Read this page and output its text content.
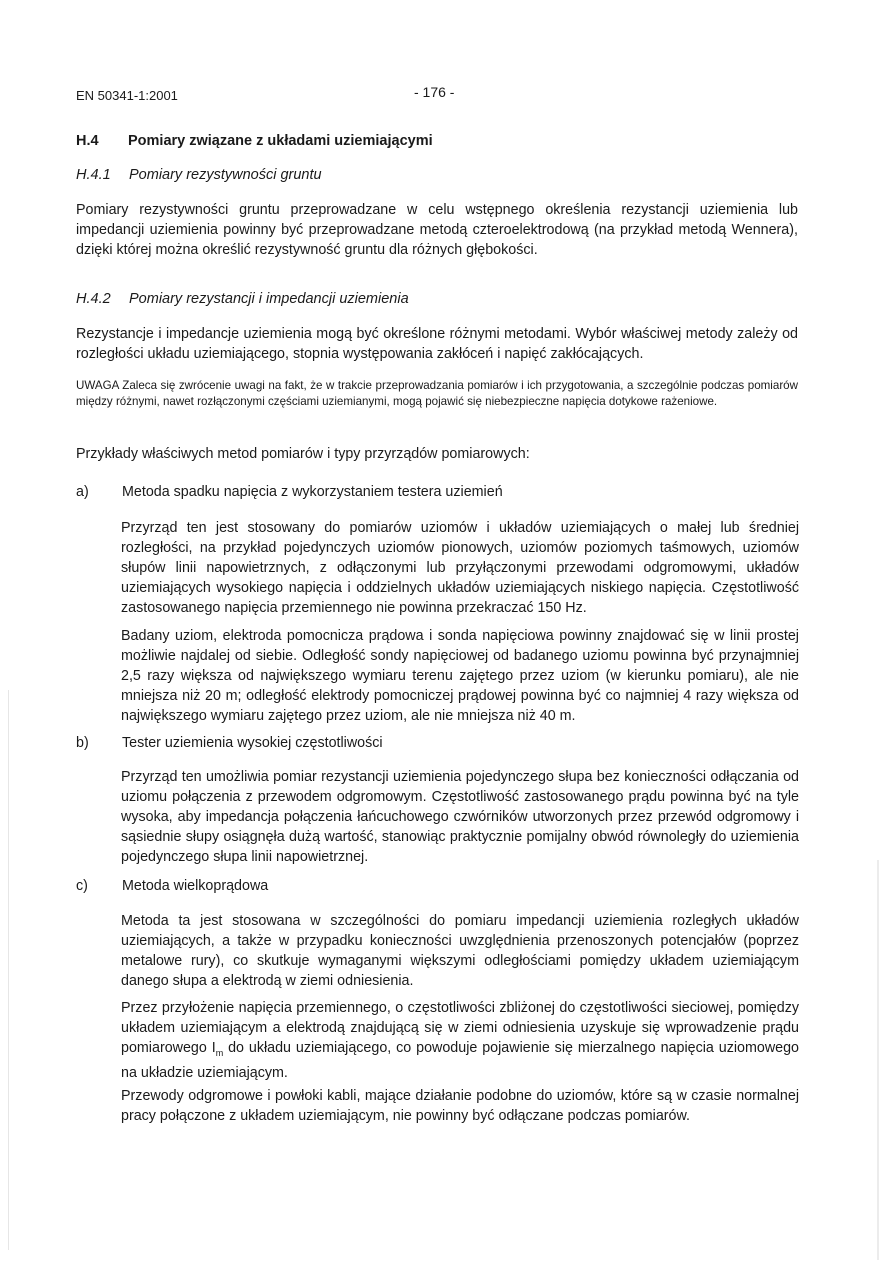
EN 50341-1:2001	- 176 -
H.4 Pomiary związane z układami uziemiającymi
H.4.1 Pomiary rezystywności gruntu
Pomiary rezystywności gruntu przeprowadzane w celu wstępnego określenia rezystancji uziemienia lub impedancji uziemienia powinny być przeprowadzane metodą czteroelektrodową (na przykład metodą Wennera), dzięki której można określić rezystywność gruntu dla różnych głębokości.
H.4.2 Pomiary rezystancji i impedancji uziemienia
Rezystancje i impedancje uziemienia mogą być określone różnymi metodami. Wybór właściwej metody zależy od rozległości układu uziemiającego, stopnia występowania zakłóceń i napięć zakłócających.
UWAGA Zaleca się zwrócenie uwagi na fakt, że w trakcie przeprowadzania pomiarów i ich przygotowania, a szczególnie podczas pomiarów między różnymi, nawet rozłączonymi częściami uziemianymi, mogą pojawić się niebezpieczne napięcia dotykowe rażeniowe.
Przykłady właściwych metod pomiarów i typy przyrządów pomiarowych:
a) Metoda spadku napięcia z wykorzystaniem testera uziemień
Przyrząd ten jest stosowany do pomiarów uziomów i układów uziemiających o małej lub średniej rozległości, na przykład pojedynczych uziomów pionowych, uziomów poziomych taśmowych, uziomów słupów linii napowietrznych, z odłączonymi lub przyłączonymi przewodami odgromowymi, układów uziemiających wysokiego napięcia i oddzielnych układów uziemiających niskiego napięcia. Częstotliwość zastosowanego napięcia przemiennego nie powinna przekraczać 150 Hz.
Badany uziom, elektroda pomocnicza prądowa i sonda napięciowa powinny znajdować się w linii prostej możliwie najdalej od siebie. Odległość sondy napięciowej od badanego uziomu powinna być przynajmniej 2,5 razy większa od największego wymiaru terenu zajętego przez uziom (w kierunku pomiaru), ale nie mniejsza niż 20 m; odległość elektrody pomocniczej prądowej powinna być co najmniej 4 razy większa od największego wymiaru zajętego przez uziom, ale nie mniejsza niż 40 m.
b) Tester uziemienia wysokiej częstotliwości
Przyrząd ten umożliwia pomiar rezystancji uziemienia pojedynczego słupa bez konieczności odłączania od uziomu połączenia z przewodem odgromowym. Częstotliwość zastosowanego prądu powinna być na tyle wysoka, aby impedancja połączenia łańcuchowego czwórników utworzonych przez przewód odgromowy i sąsiednie słupy osiągnęła dużą wartość, stanowiąc praktycznie pomijalny obwód równoległy do uziemienia pojedynczego słupa linii napowietrznej.
c) Metoda wielkoprądowa
Metoda ta jest stosowana w szczególności do pomiaru impedancji uziemienia rozległych układów uziemiających, a także w przypadku konieczności uwzględnienia przenoszonych potencjałów (poprzez metalowe rury), co skutkuje wymaganymi większymi odległościami pomiędzy układem uziemiającym danego słupa a elektrodą w ziemi odniesienia.
Przez przyłożenie napięcia przemiennego, o częstotliwości zbliżonej do częstotliwości sieciowej, pomiędzy układem uziemiającym a elektrodą znajdującą się w ziemi odniesienia uzyskuje się wprowadzenie prądu pomiarowego $I_m$ do układu uziemiającego, co powoduje pojawienie się mierzalnego napięcia uziomowego na układzie uziemiającym.
Przewody odgromowe i powłoki kabli, mające działanie podobne do uziomów, które są w czasie normalnej pracy połączone z układem uziemiającym, nie powinny być odłączane podczas pomiarów.
